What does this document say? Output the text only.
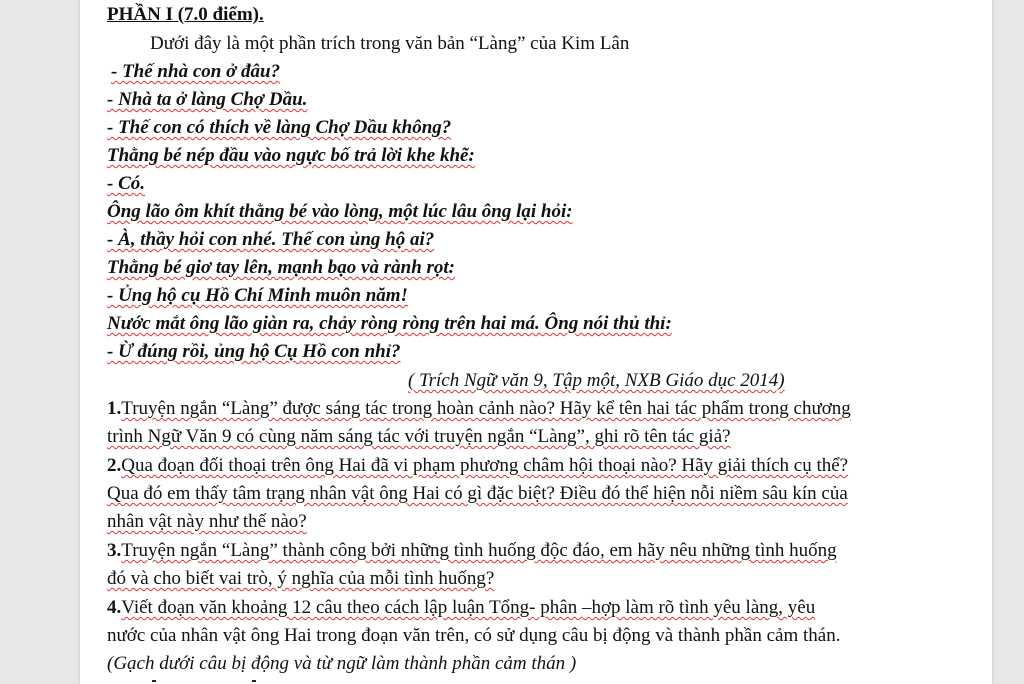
PHẦN I (7.0 điểm).
Dưới đây là một phần trích trong văn bản “Làng” của Kim Lân
- Thế nhà con ở đâu?
- Nhà ta ở làng Chợ Dầu.
- Thế con có thích về làng Chợ Dầu không?
Thằng bé nép đầu vào ngực bố trả lời khe khẽ:
- Có.
Ông lão ôm khít thằng bé vào lòng, một lúc lâu ông lại hỏi:
- À, thầy hỏi con nhé. Thế con ủng hộ ai?
Thằng bé giơ tay lên, mạnh bạo và rành rọt:
- Ủng hộ cụ Hồ Chí Minh muôn năm!
Nước mắt ông lão giàn ra, chảy ròng ròng trên hai má. Ông nói thủ thỉ:
- Ừ đúng rồi, ủng hộ Cụ Hồ con nhỉ?
( Trích Ngữ văn 9, Tập một, NXB Giáo dục 2014)
1.Truyện ngắn “Làng” được sáng tác trong hoàn cảnh nào? Hãy kể tên hai tác phẩm trong chương
trình Ngữ Văn 9 có cùng năm sáng tác với truyện ngắn “Làng”, ghi rõ tên tác giả?
2.Qua đoạn đối thoại trên ông Hai đã vi phạm phương châm hội thoại nào? Hãy giải thích cụ thể?
Qua đó em thấy tâm trạng nhân vật ông Hai có gì đặc biệt? Điều đó thể hiện nỗi niềm sâu kín của
nhân vật này như thế nào?
3.Truyện ngắn “Làng” thành công bởi những tình huống độc đáo, em hãy nêu những tình huống
đó và cho biết vai trò, ý nghĩa của mỗi tình huống?
4.Viết đoạn văn khoảng 12 câu theo cách lập luận Tổng- phân –hợp làm rõ tình yêu làng, yêu
nước của nhân vật ông Hai trong đoạn văn trên, có sử dụng câu bị động và thành phần cảm thán.
(Gạch dưới câu bị động và từ ngữ làm thành phần cảm thán )
